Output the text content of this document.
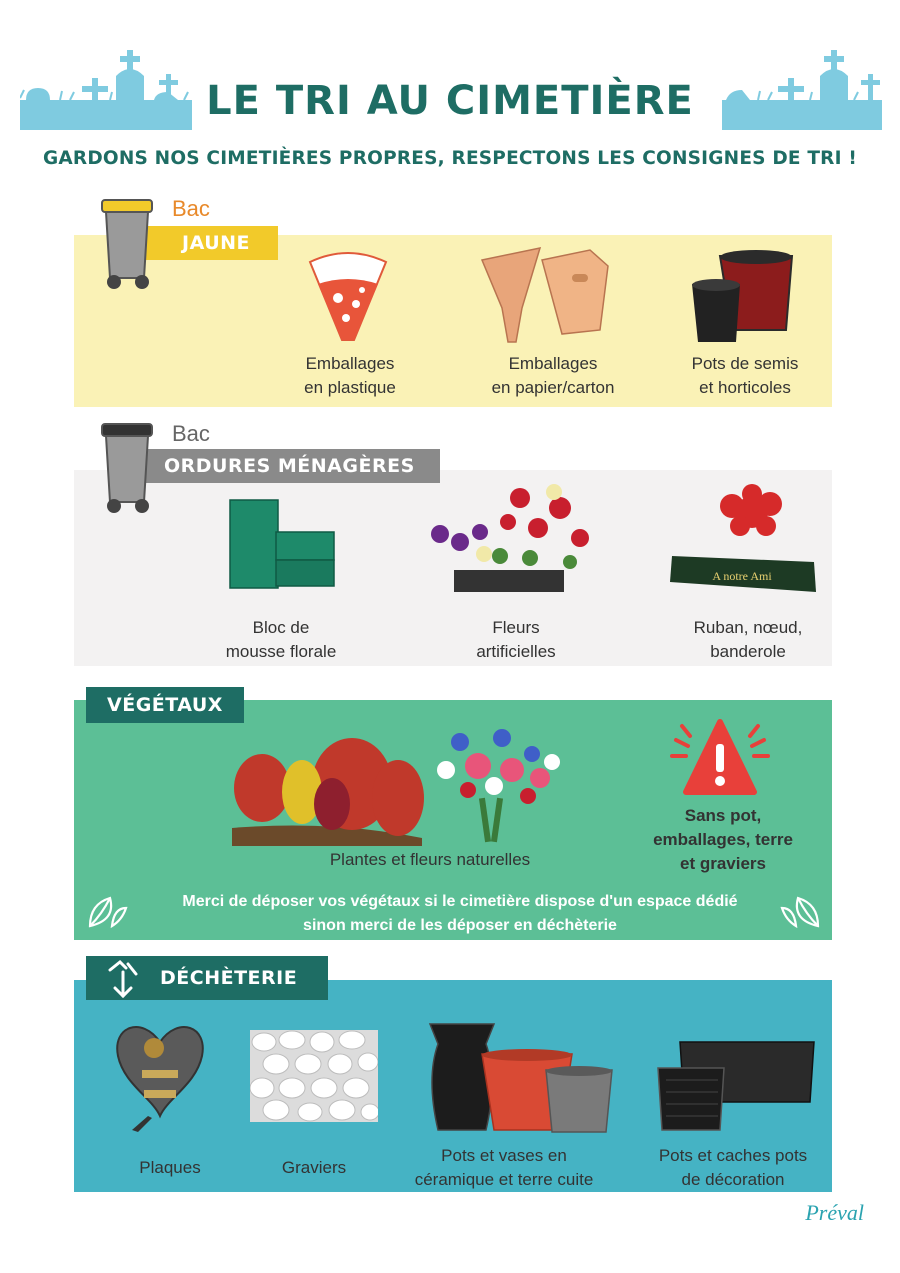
LE TRI AU CIMETIÈRE
GARDONS NOS CIMETIÈRES PROPRES, RESPECTONS LES CONSIGNES DE TRI !
JAUNE
Bac
Emballages
en plastique
Emballages
en papier/carton
Pots de semis
et horticoles
ORDURES MÉNAGÈRES
Bac
A notre Ami
Bloc de
mousse florale
Fleurs
artificielles
Ruban, nœud,
banderole
VÉGÉTAUX
Plantes et fleurs naturelles
Sans pot,
emballages, terre
et graviers
Merci de déposer vos végétaux si le cimetière dispose d'un espace dédié
sinon merci de les déposer en déchèterie
DÉCHÈTERIE
Plaques	Graviers
Pots et vases en
céramique et terre cuite
Pots et caches pots
de décoration
Préval
